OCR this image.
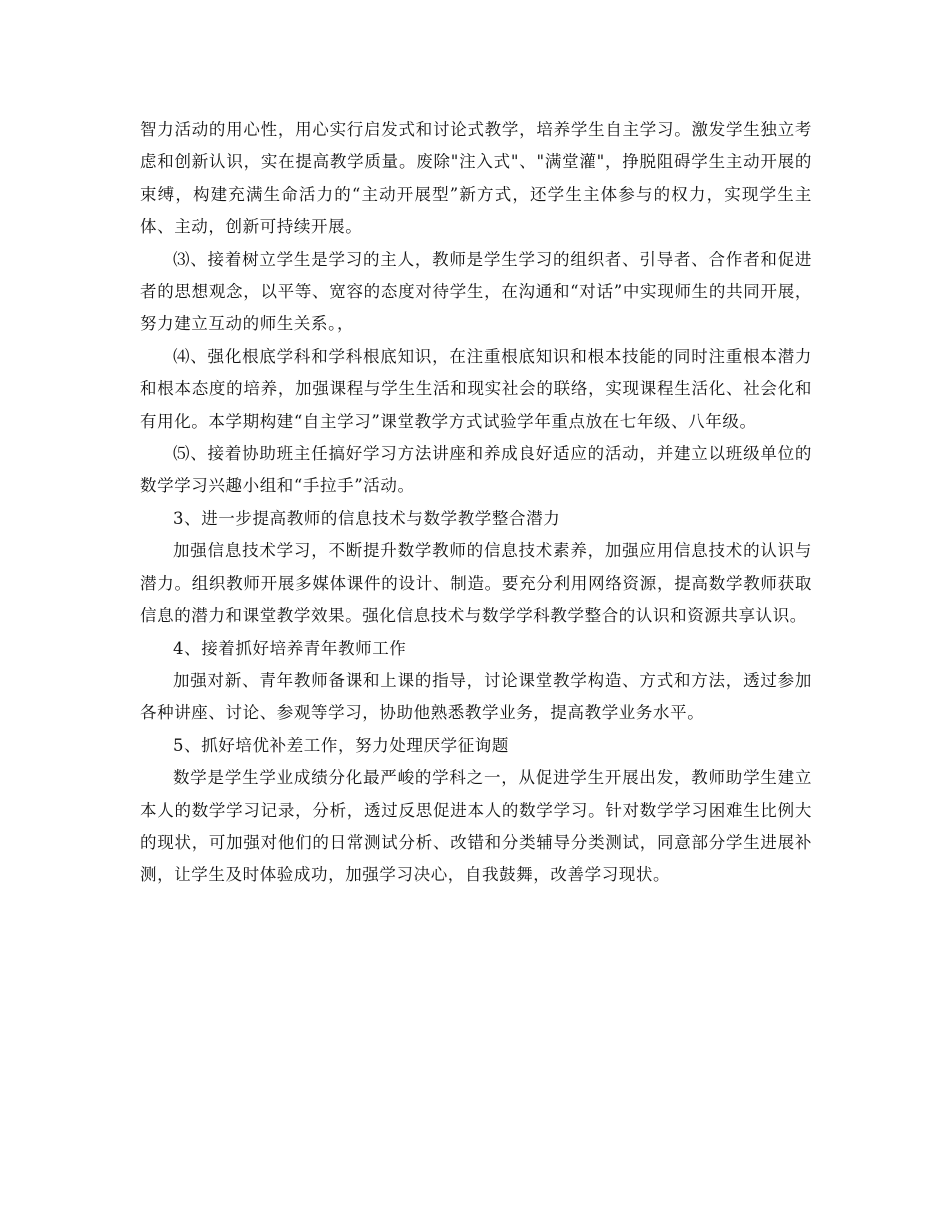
智力活动的用心性，用心实行启发式和讨论式教学，培养学生自主学习。激发学生独立考虑和创新认识，实在提高教学质量。废除"注入式"、"满堂灌"，挣脱阻碍学生主动开展的束缚，构建充满生命活力的“主动开展型”新方式，还学生主体参与的权力，实现学生主体、主动，创新可持续开展。

⑶、接着树立学生是学习的主人，教师是学生学习的组织者、引导者、合作者和促进者的思想观念，以平等、宽容的态度对待学生，在沟通和“对话”中实现师生的共同开展，努力建立互动的师生关系。，

⑷、强化根底学科和学科根底知识，在注重根底知识和根本技能的同时注重根本潜力和根本态度的培养，加强课程与学生生活和现实社会的联络，实现课程生活化、社会化和有用化。本学期构建“自主学习”课堂教学方式试验学年重点放在七年级、八年级。

⑸、接着协助班主任搞好学习方法讲座和养成良好适应的活动，并建立以班级单位的数学学习兴趣小组和“手拉手”活动。

3、进一步提高教师的信息技术与数学教学整合潜力

加强信息技术学习，不断提升数学教师的信息技术素养，加强应用信息技术的认识与潜力。组织教师开展多媒体课件的设计、制造。要充分利用网络资源，提高数学教师获取信息的潜力和课堂教学效果。强化信息技术与数学学科教学整合的认识和资源共享认识。

4、接着抓好培养青年教师工作

加强对新、青年教师备课和上课的指导，讨论课堂教学构造、方式和方法，透过参加各种讲座、讨论、参观等学习，协助他熟悉教学业务，提高教学业务水平。

5、抓好培优补差工作，努力处理厌学征询题

数学是学生学业成绩分化最严峻的学科之一，从促进学生开展出发，教师助学生建立本人的数学学习记录，分析，透过反思促进本人的数学学习。针对数学学习困难生比例大的现状，可加强对他们的日常测试分析、改错和分类辅导分类测试，同意部分学生进展补测，让学生及时体验成功，加强学习决心，自我鼓舞，改善学习现状。
